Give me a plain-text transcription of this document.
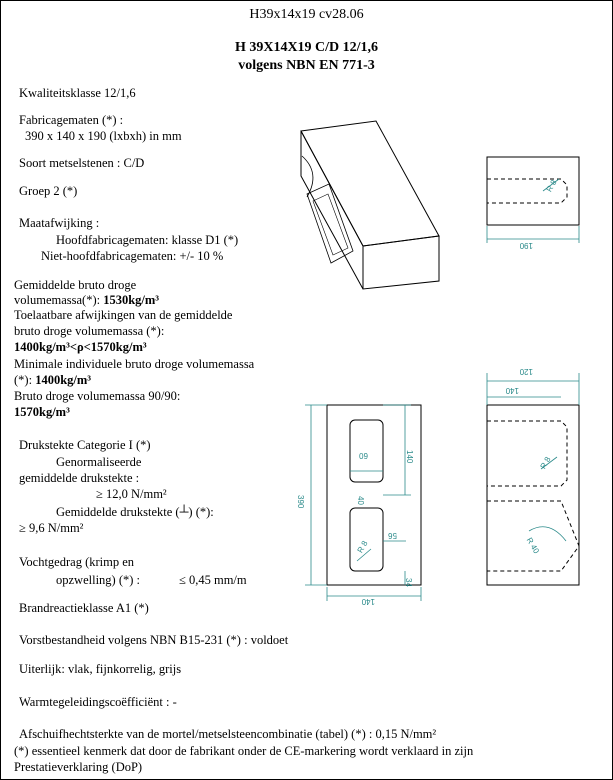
H39x14x19 cv28.06
H 39X14X19 C/D 12/1,6
volgens NBN EN 771-3
Kwaliteitsklasse 12/1,6
Fabricagematen (*) :
390 x 140 x 190 (lxbxh) in mm
Soort metselstenen : C/D
Groep 2 (*)
Maatafwijking :
Hoofdfabricagematen: klasse D1 (*)
Niet-hoofdfabricagematen: +/- 10 %
Gemiddelde bruto droge
volumemassa(*): 1530kg/m³
Toelaatbare afwijkingen van de gemiddelde
bruto droge volumemassa (*):
1400kg/m³<ρ<1570kg/m³
Minimale individuele bruto droge volumemassa
(*): 1400kg/m³
Bruto droge volumemassa 90/90:
1570kg/m³
Drukstekte Categorie I (*)
Genormaliseerde
gemiddelde drukstekte :
≥ 12,0 N/mm²
Gemiddelde drukstekte (┴) (*):
≥ 9,6 N/mm²
Vochtgedrag (krimp en
opzwelling) (*) :	≤ 0,45 mm/m
Brandreactieklasse A1 (*)
Vorstbestandheid volgens NBN B15-231 (*) : voldoet
Uiterlijk: vlak, fijnkorrelig, grijs
Warmtegeleidingscoëfficiënt : -
Afschuifhechtsterkte van de mortel/metselsteencombinatie (tabel) (*) : 0,15 N/mm²
(*) essentieel kenmerk dat door de fabrikant onder de CE-markering wordt verklaard in zijn
Prestatieverklaring (DoP)
190
R 8
120
140
390
60	140
40
56
R 8
34
140
R 8
R 40
